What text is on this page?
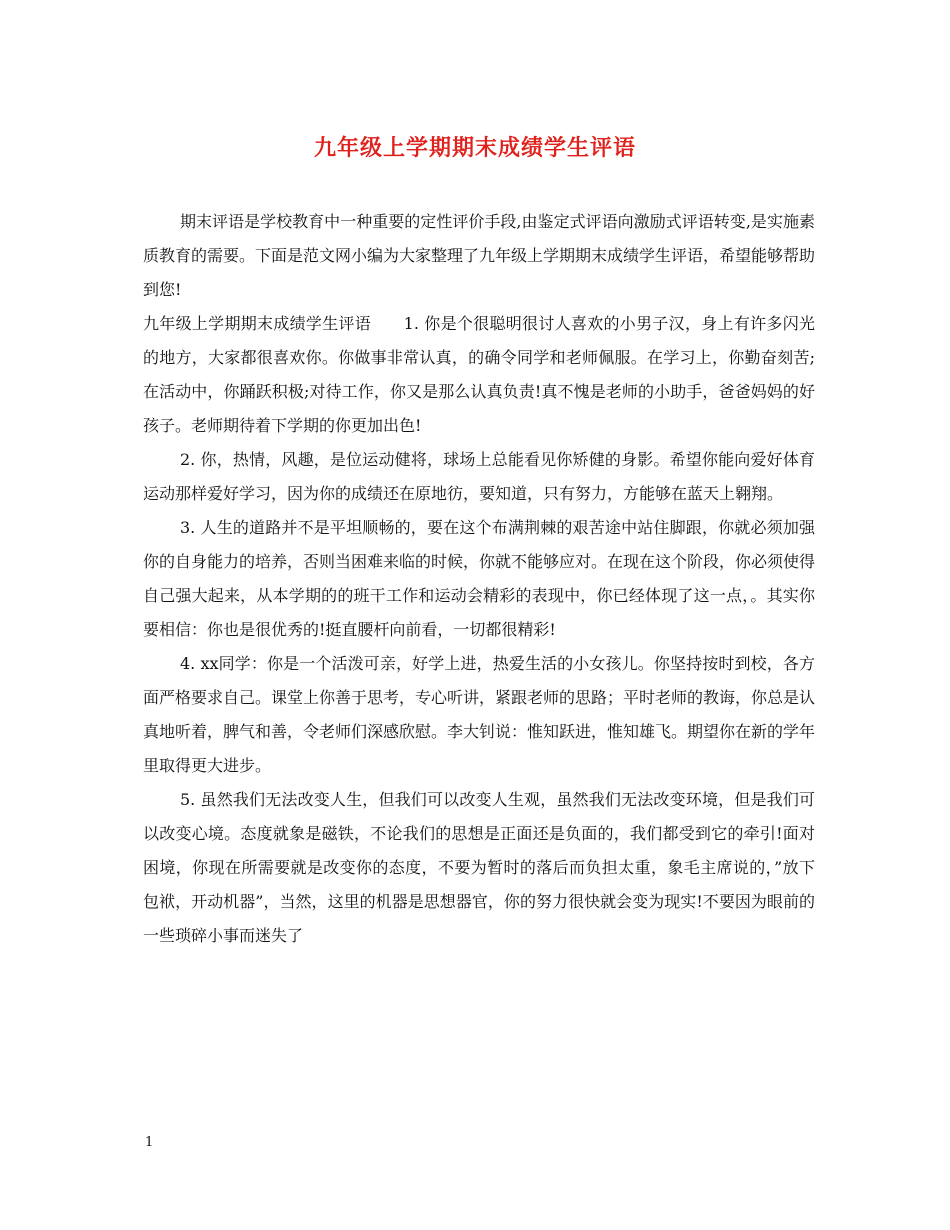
九年级上学期期末成绩学生评语

期末评语是学校教育中一种重要的定性评价手段,由鉴定式评语向激励式评语转变,是实施素质教育的需要。下面是范文网小编为大家整理了九年级上学期期末成绩学生评语，希望能够帮助到您!

九年级上学期期末成绩学生评语　　1. 你是个很聪明很讨人喜欢的小男子汉，身上有许多闪光的地方，大家都很喜欢你。你做事非常认真，的确令同学和老师佩服。在学习上，你勤奋刻苦;在活动中，你踊跃积极;对待工作，你又是那么认真负责!真不愧是老师的小助手，爸爸妈妈的好孩子。老师期待着下学期的你更加出色!

2. 你，热情，风趣，是位运动健将，球场上总能看见你矫健的身影。希望你能向爱好体育运动那样爱好学习，因为你的成绩还在原地彷，要知道，只有努力，方能够在蓝天上翱翔。

3. 人生的道路并不是平坦顺畅的，要在这个布满荆棘的艰苦途中站住脚跟，你就必须加强你的自身能力的培养，否则当困难来临的时候，你就不能够应对。在现在这个阶段，你必须使得自己强大起来，从本学期的的班干工作和运动会精彩的表现中，你已经体现了这一点，。其实你要相信：你也是很优秀的!挺直腰杆向前看，一切都很精彩!

4. xx同学：你是一个活泼可亲，好学上进，热爱生活的小女孩儿。你坚持按时到校，各方面严格要求自己。课堂上你善于思考，专心听讲，紧跟老师的思路；平时老师的教诲，你总是认真地听着，脾气和善，令老师们深感欣慰。李大钊说：惟知跃进，惟知雄飞。期望你在新的学年里取得更大进步。

5. 虽然我们无法改变人生，但我们可以改变人生观，虽然我们无法改变环境，但是我们可以改变心境。态度就象是磁铁，不论我们的思想是正面还是负面的，我们都受到它的牵引!面对困境，你现在所需要就是改变你的态度，不要为暂时的落后而负担太重，象毛主席说的，”放下包袱，开动机器”，当然，这里的机器是思想器官，你的努力很快就会变为现实!不要因为眼前的一些琐碎小事而迷失了

1
